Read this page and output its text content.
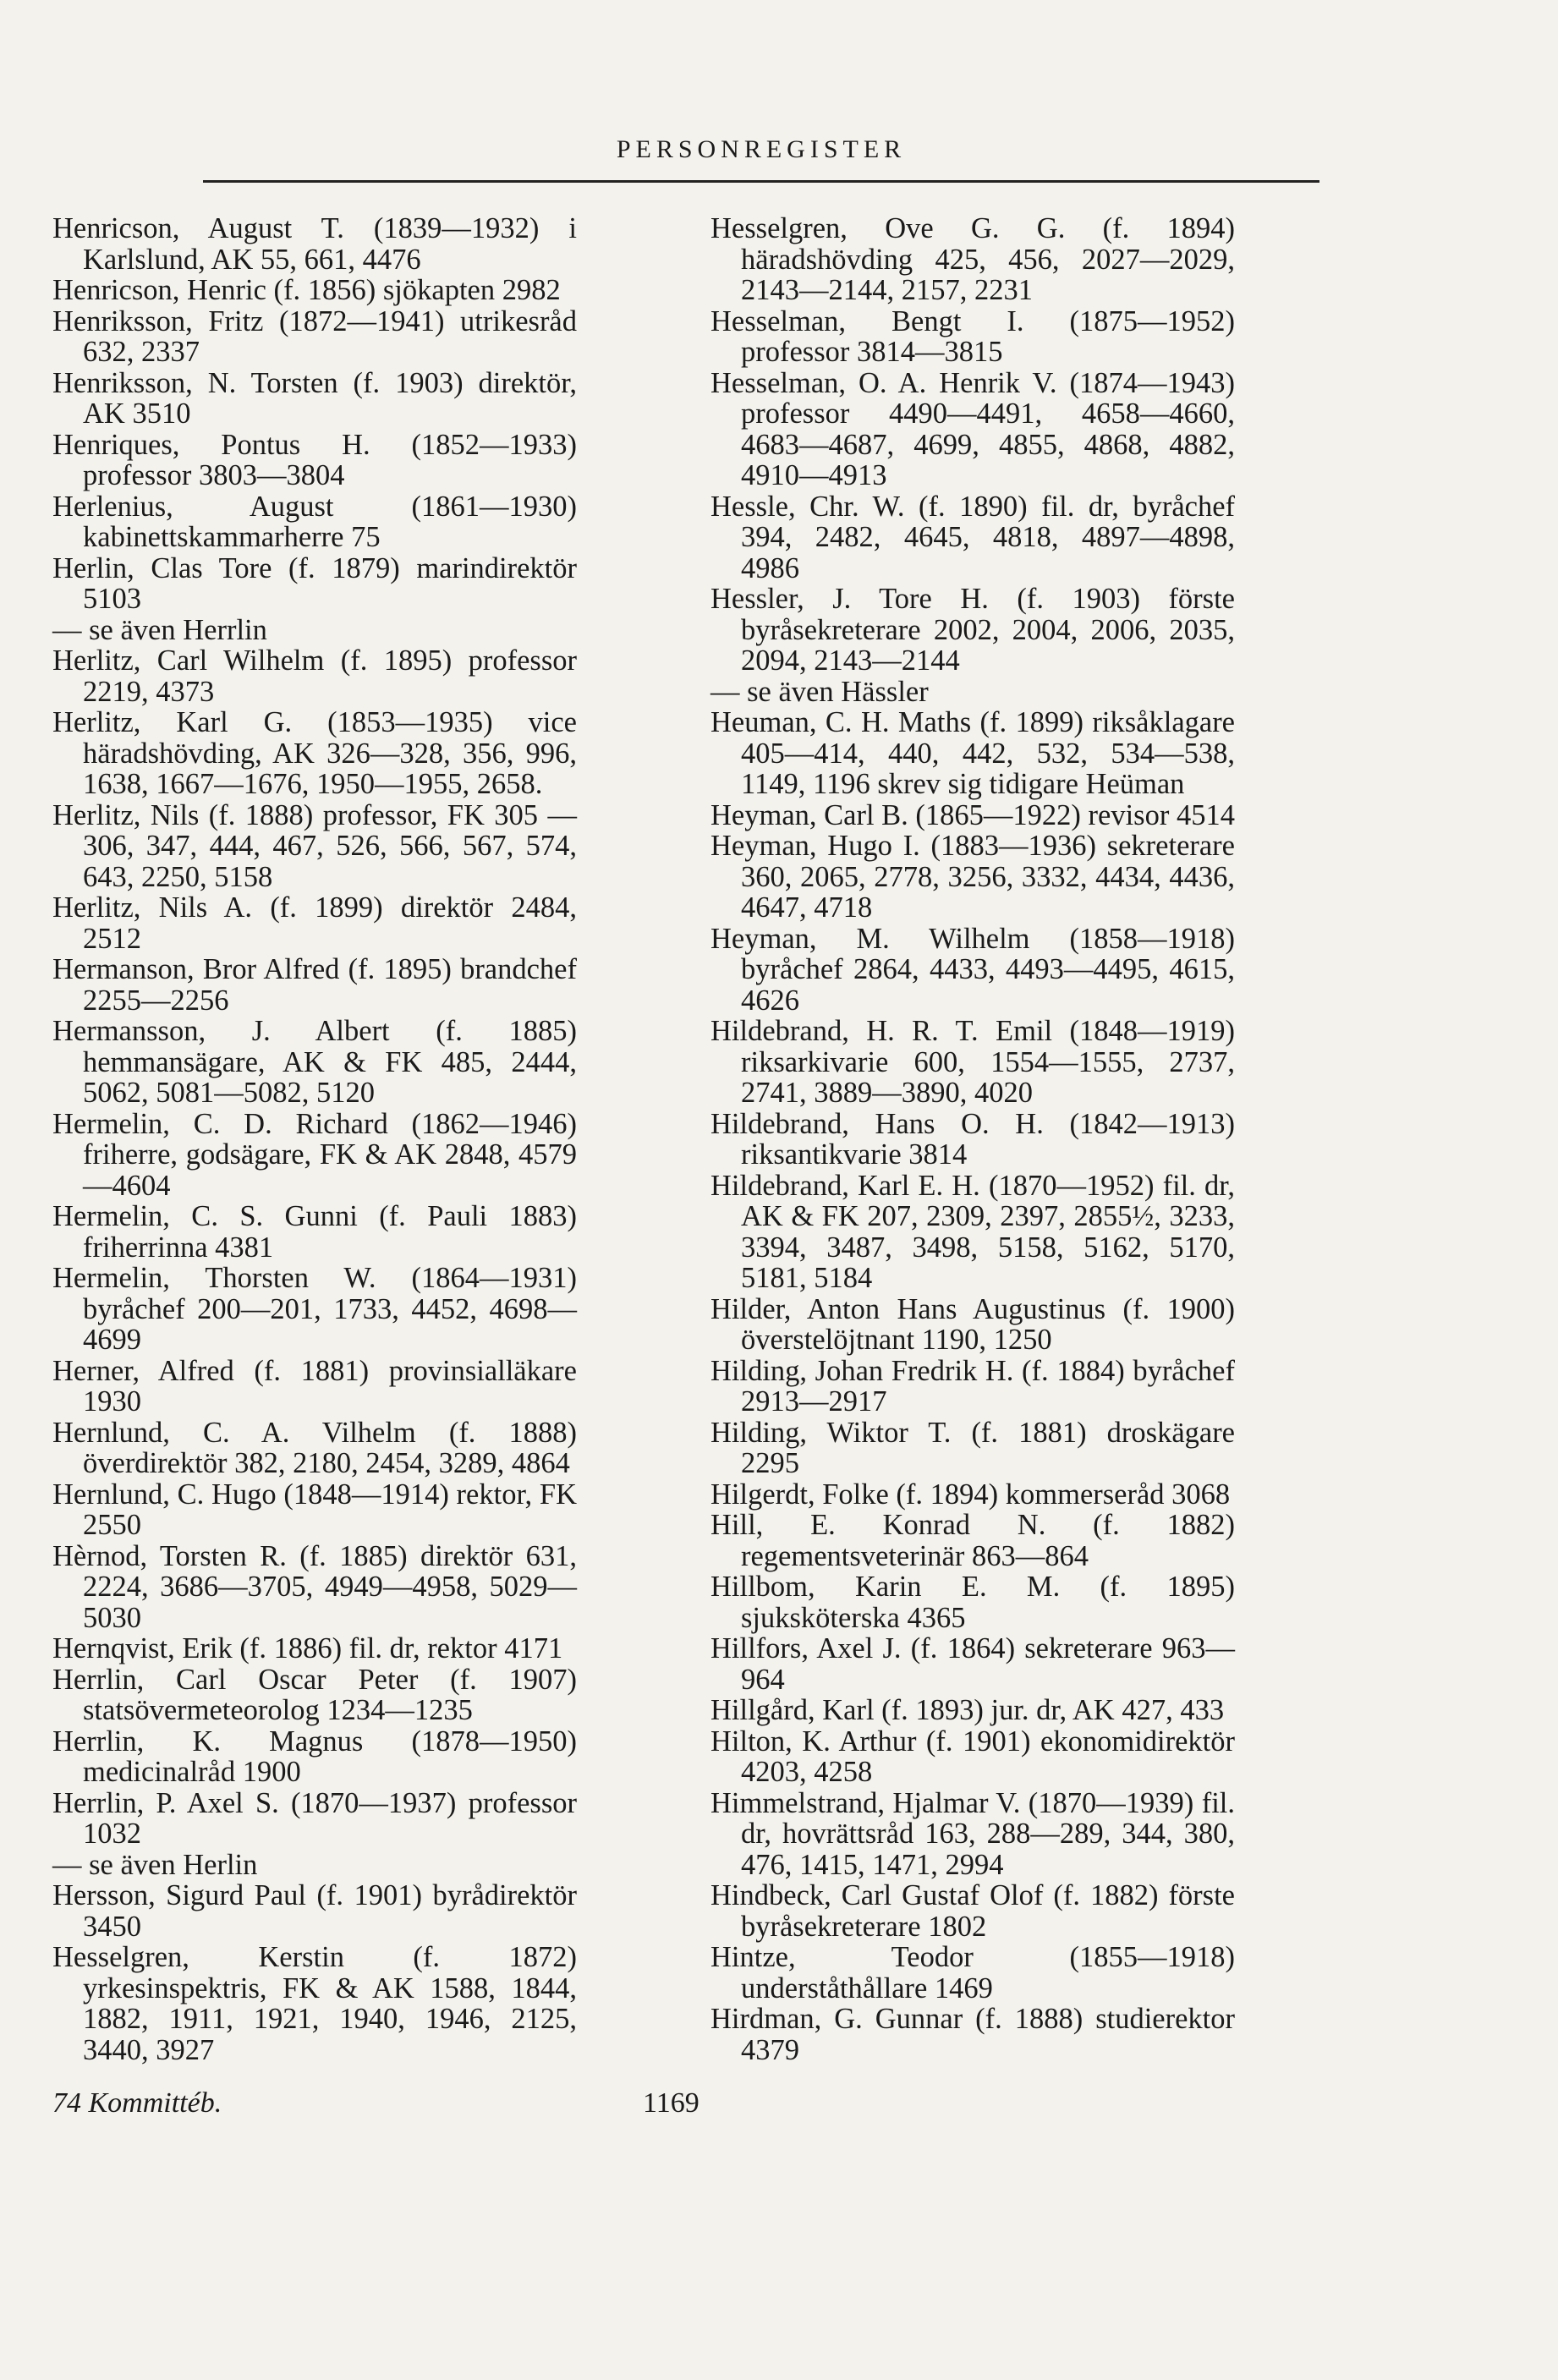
PERSONREGISTER

Henricson, August T. (1839—1932) i Karlslund, AK 55, 661, 4476

Henricson, Henric (f. 1856) sjökapten 2982

Henriksson, Fritz (1872—1941) utrikesråd 632, 2337

Henriksson, N. Torsten (f. 1903) direktör, AK 3510

Henriques, Pontus H. (1852—1933) professor 3803—3804

Herlenius, August (1861—1930) kabinettskammarherre 75

Herlin, Clas Tore (f. 1879) marindirektör 5103

— se även Herrlin

Herlitz, Carl Wilhelm (f. 1895) professor 2219, 4373

Herlitz, Karl G. (1853—1935) vice häradshövding, AK 326—328, 356, 996, 1638, 1667—1676, 1950—1955, 2658.

Herlitz, Nils (f. 1888) professor, FK 305 —306, 347, 444, 467, 526, 566, 567, 574, 643, 2250, 5158

Herlitz, Nils A. (f. 1899) direktör 2484, 2512

Hermanson, Bror Alfred (f. 1895) brandchef 2255—2256

Hermansson, J. Albert (f. 1885) hemmansägare, AK & FK 485, 2444, 5062, 5081—5082, 5120

Hermelin, C. D. Richard (1862—1946) friherre, godsägare, FK & AK 2848, 4579 —4604

Hermelin, C. S. Gunni (f. Pauli 1883) friherrinna 4381

Hermelin, Thorsten W. (1864—1931) byråchef 200—201, 1733, 4452, 4698—4699

Herner, Alfred (f. 1881) provinsialläkare 1930

Hernlund, C. A. Vilhelm (f. 1888) överdirektör 382, 2180, 2454, 3289, 4864

Hernlund, C. Hugo (1848—1914) rektor, FK 2550

Hèrnod, Torsten R. (f. 1885) direktör 631, 2224, 3686—3705, 4949—4958, 5029—5030

Hernqvist, Erik (f. 1886) fil. dr, rektor 4171

Herrlin, Carl Oscar Peter (f. 1907) statsövermeteorolog 1234—1235

Herrlin, K. Magnus (1878—1950) medicinalråd 1900

Herrlin, P. Axel S. (1870—1937) professor 1032

— se även Herlin

Hersson, Sigurd Paul (f. 1901) byrådirektör 3450

Hesselgren, Kerstin (f. 1872) yrkesinspektris, FK & AK 1588, 1844, 1882, 1911, 1921, 1940, 1946, 2125, 3440, 3927

Hesselgren, Ove G. G. (f. 1894) häradshövding 425, 456, 2027—2029, 2143—2144, 2157, 2231

Hesselman, Bengt I. (1875—1952) professor 3814—3815

Hesselman, O. A. Henrik V. (1874—1943) professor 4490—4491, 4658—4660, 4683—4687, 4699, 4855, 4868, 4882, 4910—4913

Hessle, Chr. W. (f. 1890) fil. dr, byråchef 394, 2482, 4645, 4818, 4897—4898, 4986

Hessler, J. Tore H. (f. 1903) förste byråsekreterare 2002, 2004, 2006, 2035, 2094, 2143—2144

— se även Hässler

Heuman, C. H. Maths (f. 1899) riksåklagare 405—414, 440, 442, 532, 534—538, 1149, 1196 skrev sig tidigare Heüman

Heyman, Carl B. (1865—1922) revisor 4514

Heyman, Hugo I. (1883—1936) sekreterare 360, 2065, 2778, 3256, 3332, 4434, 4436, 4647, 4718

Heyman, M. Wilhelm (1858—1918) byråchef 2864, 4433, 4493—4495, 4615, 4626

Hildebrand, H. R. T. Emil (1848—1919) riksarkivarie 600, 1554—1555, 2737, 2741, 3889—3890, 4020

Hildebrand, Hans O. H. (1842—1913) riksantikvarie 3814

Hildebrand, Karl E. H. (1870—1952) fil. dr, AK & FK 207, 2309, 2397, 2855½, 3233, 3394, 3487, 3498, 5158, 5162, 5170, 5181, 5184

Hilder, Anton Hans Augustinus (f. 1900) överstelöjtnant 1190, 1250

Hilding, Johan Fredrik H. (f. 1884) byråchef 2913—2917

Hilding, Wiktor T. (f. 1881) droskägare 2295

Hilgerdt, Folke (f. 1894) kommerseråd 3068

Hill, E. Konrad N. (f. 1882) regementsveterinär 863—864

Hillbom, Karin E. M. (f. 1895) sjuksköterska 4365

Hillfors, Axel J. (f. 1864) sekreterare 963—964

Hillgård, Karl (f. 1893) jur. dr, AK 427, 433

Hilton, K. Arthur (f. 1901) ekonomidirektör 4203, 4258

Himmelstrand, Hjalmar V. (1870—1939) fil. dr, hovrättsråd 163, 288—289, 344, 380, 476, 1415, 1471, 2994

Hindbeck, Carl Gustaf Olof (f. 1882) förste byråsekreterare 1802

Hintze, Teodor (1855—1918) underståthållare 1469

Hirdman, G. Gunnar (f. 1888) studierektor 4379

74 Kommittéb.	1169
